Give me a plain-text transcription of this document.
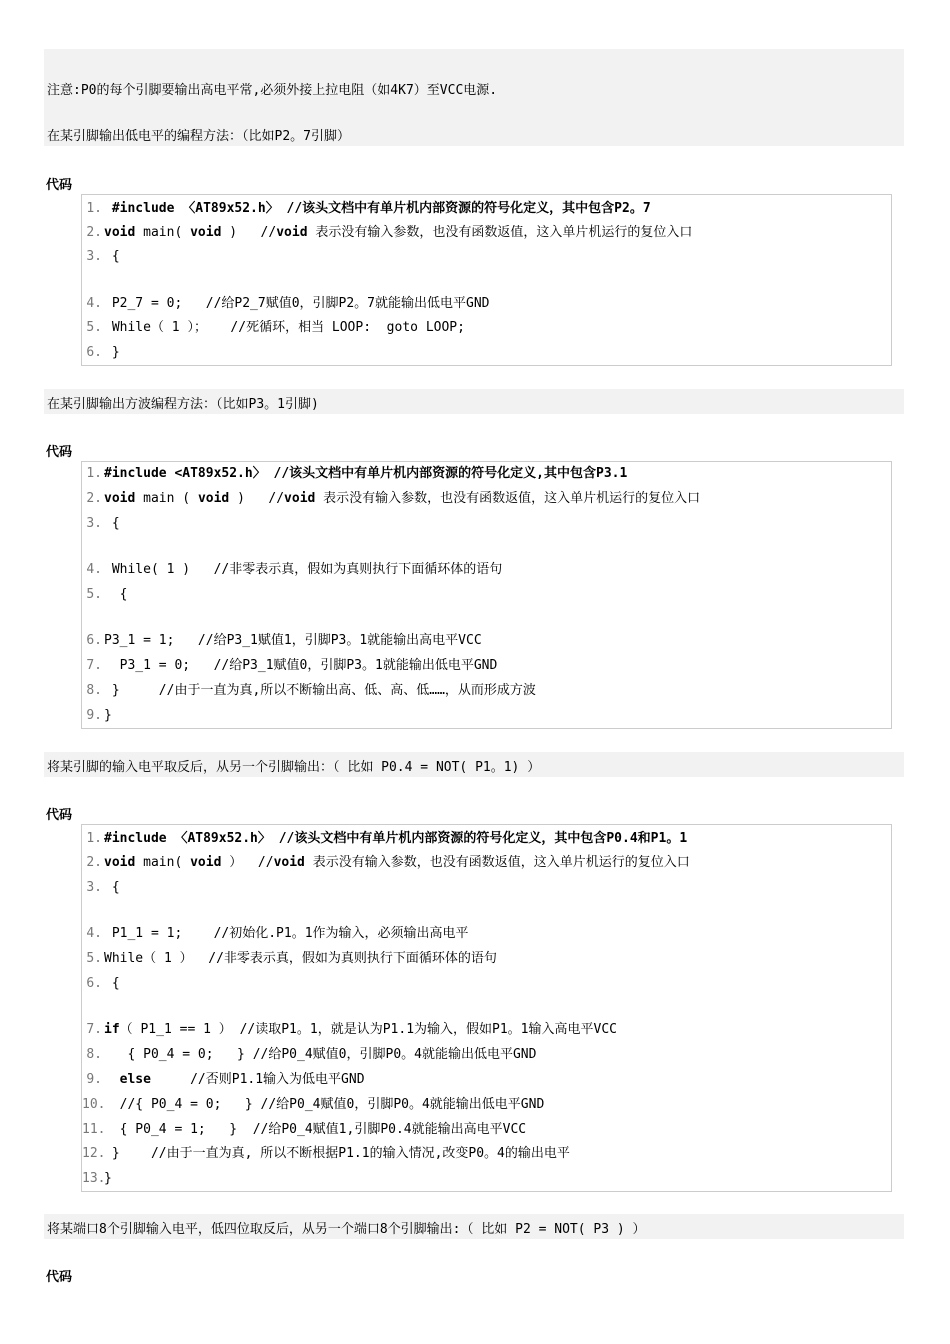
注意:P0的每个引脚要输出高电平常,必须外接上拉电阻（如4K7）至VCC电源.
在某引脚输出低电平的编程方法：（比如P2。7引脚）
代码
1. #include 〈AT89x52.h〉 //该头文档中有单片机内部资源的符号化定义，其中包含P2。7
2. void main( void )   //void 表示没有输入参数，也没有函数返值，这入单片机运行的复位入口
3. {
4. P2_7 = 0;   //给P2_7赋值0，引脚P2。7就能输出低电平GND
5. While（ 1 ）；   //死循环，相当 LOOP:  goto LOOP;
6. }
在某引脚输出方波编程方法：（比如P3。1引脚)
代码
1. #include <AT89x52.h〉 //该头文档中有单片机内部资源的符号化定义,其中包含P3.1
2. void main ( void )   //void 表示没有输入参数，也没有函数返值，这入单片机运行的复位入口
3. {
4. While( 1 )   //非零表示真，假如为真则执行下面循环体的语句
5.  {
6. P3_1 = 1;   //给P3_1赋值1，引脚P3。1就能输出高电平VCC
7.  P3_1 = 0;   //给P3_1赋值0，引脚P3。1就能输出低电平GND
8. }     //由于一直为真,所以不断输出高、低、高、低……，从而形成方波
9. }
将某引脚的输入电平取反后，从另一个引脚输出：（ 比如 P0.4 = NOT( P1。1) ）
代码
1. #include 〈AT89x52.h〉 //该头文档中有单片机内部资源的符号化定义，其中包含P0.4和P1。1
2. void main( void ）  //void 表示没有输入参数，也没有函数返值，这入单片机运行的复位入口
3. {
4. P1_1 = 1;    //初始化.P1。1作为输入，必须输出高电平
5. While（ 1 ）  //非零表示真，假如为真则执行下面循环体的语句
6. {
7. if（ P1_1 == 1 ） //读取P1。1，就是认为P1.1为输入，假如P1。1输入高电平VCC
8.   { P0_4 = 0;   } //给P0_4赋值0，引脚P0。4就能输出低电平GND
9. else     //否则P1.1输入为低电平GND
10.  //{ P0_4 = 0;   } //给P0_4赋值0，引脚P0。4就能输出低电平GND
11.  { P0_4 = 1;   }  //给P0_4赋值1,引脚P0.4就能输出高电平VCC
12. }    //由于一直为真, 所以不断根据P1.1的输入情况,改变P0。4的输出电平
13.}
将某端口8个引脚输入电平，低四位取反后，从另一个端口8个引脚输出:（ 比如 P2 = NOT( P3 ) ）
代码
